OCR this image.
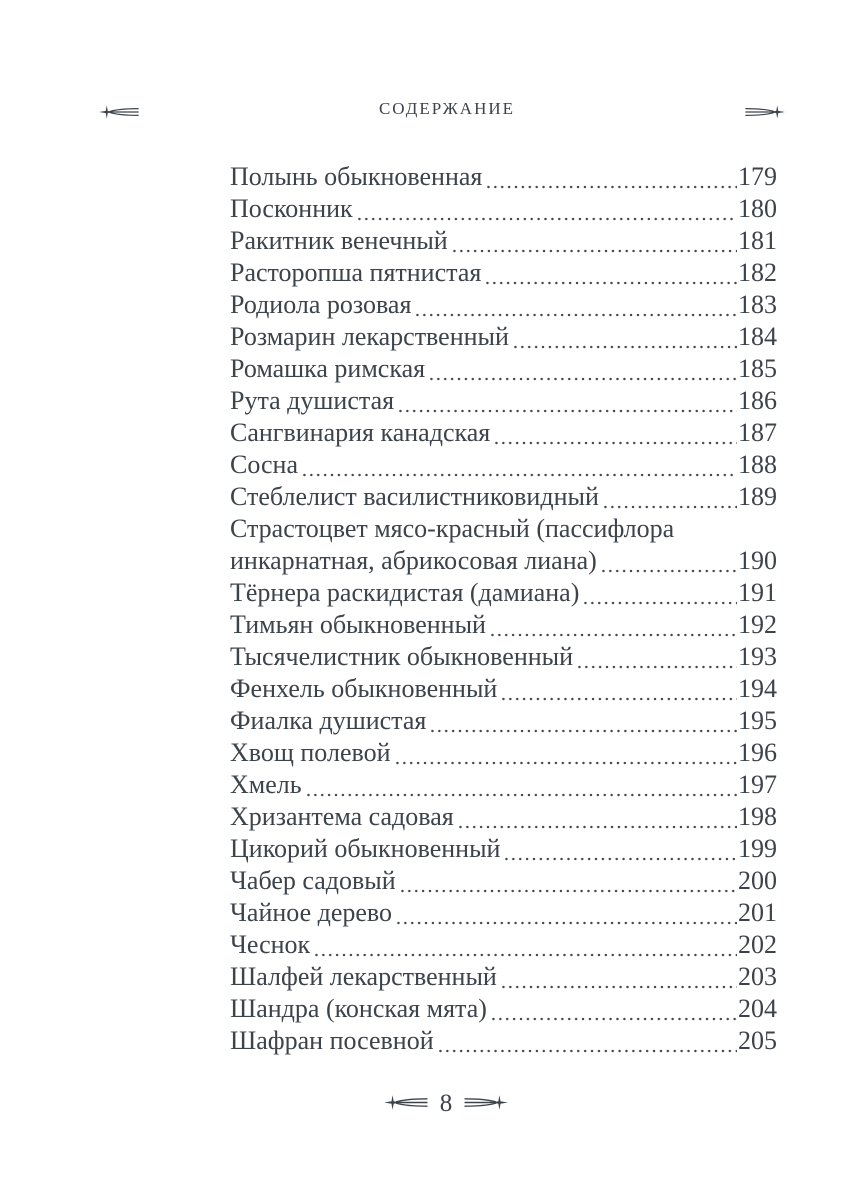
СОДЕРЖАНИЕ
Полынь обыкновенная	179
Посконник	180
Ракитник венечный	181
Расторопша пятнистая	182
Родиола розовая	183
Розмарин лекарственный	184
Ромашка римская	185
Рута душистая	186
Сангвинария канадская	187
Сосна	188
Стеблелист василистниковидный	189
Страстоцвет мясо-красный (пассифлора
инкарнатная, абрикосовая лиана)	190
Тёрнера раскидистая (дамиана)	191
Тимьян обыкновенный	192
Тысячелистник обыкновенный	193
Фенхель обыкновенный	194
Фиалка душистая	195
Хвощ полевой	196
Хмель	197
Хризантема садовая	198
Цикорий обыкновенный	199
Чабер садовый	200
Чайное дерево	201
Чеснок	202
Шалфей лекарственный	203
Шандра (конская мята)	204
Шафран посевной	205
8
